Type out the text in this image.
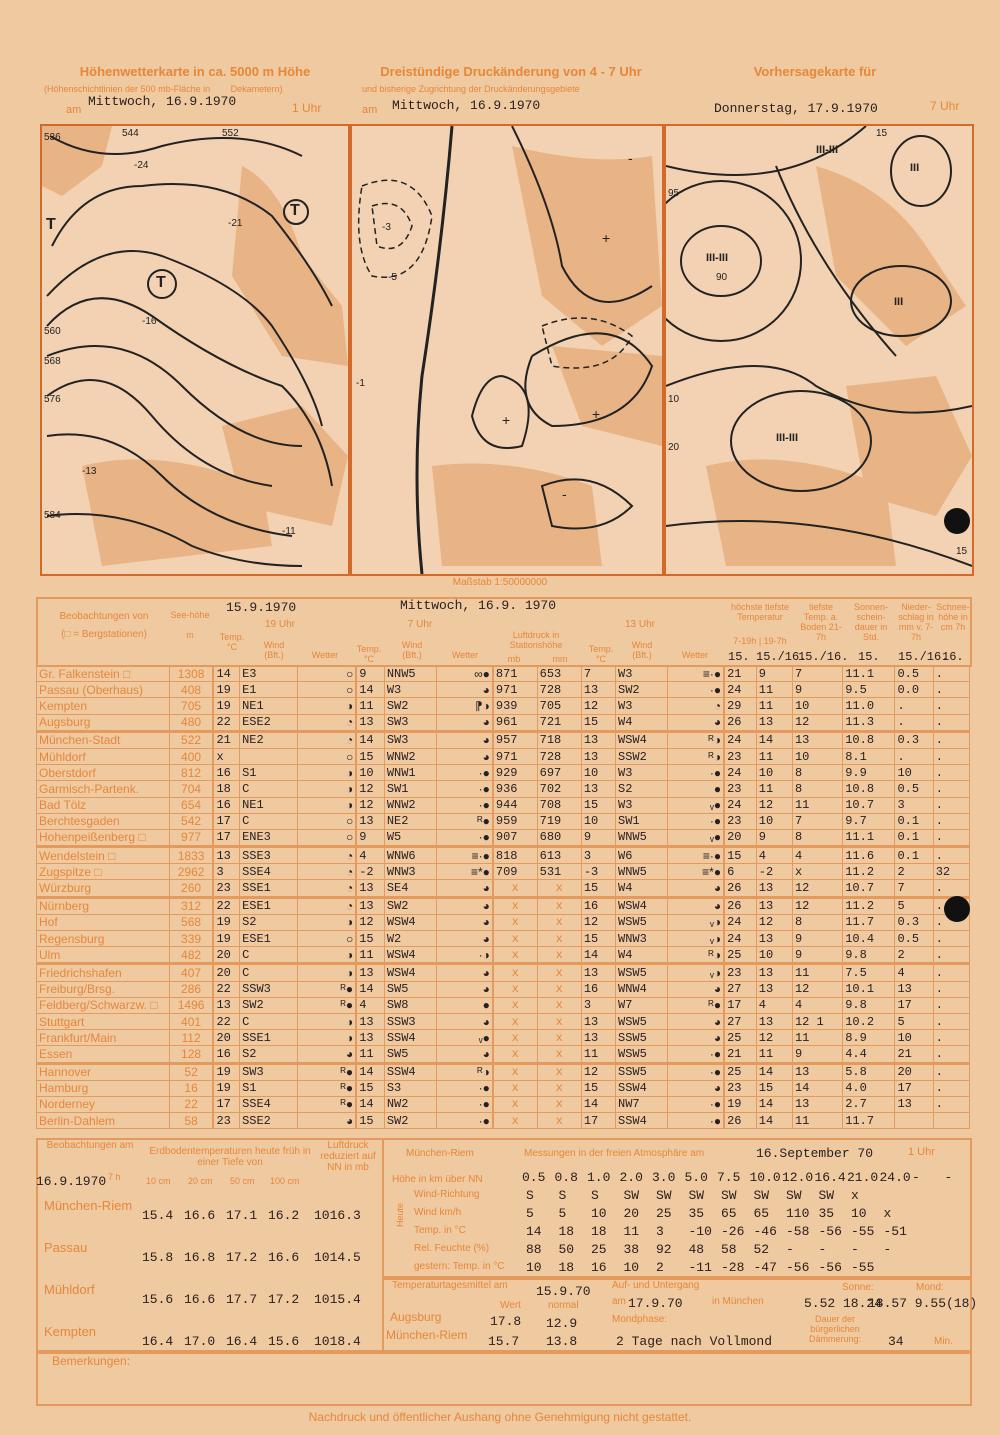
Höhenwetterkarte in ca. 5000 m Höhe
(Höhenschichtlinien der 500 mb-Fläche in Dekametern)
am
Mittwoch, 16.9.1970	1 Uhr
Dreistündige Druckänderung von 4 - 7 Uhr
und bisherige Zugrichtung der Druckänderungsgebiete
am Mittwoch, 16.9.1970
Vorhersagekarte für
Donnerstag, 17.9.1970	7 Uhr
536	544	552
560
568
576
584
-24
-21
-16
-13
-11
T
T
T
-
+
+	+
-
-3
-5
-1
III-III
III-III
III
III-III
III
15
95
90
20
10
15
Maßstab 1:50000000
Beobachtungen von
(□ = Bergstationen)
See-höhe

m
15.9.1970
19 Uhr
Mittwoch, 16.9. 1970
7 Uhr	13 Uhr
Temp. °C	Wind (Bft.)	Wetter
Temp. °C
Wind (Bft.)	Wetter
Luftdruck in Stationshöhe
mb	mm
Temp. °C
Wind (Bft.)	Wetter
höchste tiefste Temperatur
7-19h | 19-7h
tiefste Temp. a. Boden 21-7h
Sonnen-schein-dauer in Std.
Nieder-schlag in mm v. 7-7h
Schnee-höhe in cm 7h
15. 15./16.
15./16. 15. 15./16.
16.
Gr. Falkenstein □	1308	14	E3	○	9	NNW5	∞●	871	653	7	W3	≡·●	21	9	7	11.1	0.5	.
Passau (Oberhaus)	408	19	E1	○	14	W3	◕	971	728	13	SW2	·●	24	11	9	9.5	0.0	.
Kempten	705	19	NE1	◑	11	SW2	⁋◑	939	705	12	W3	◔	29	11	10	11.0	.	.
Augsburg	480	22	ESE2	◔	13	SW3	◕	961	721	15	W4	◕	26	13	12	11.3	.	.
München-Stadt	522	21	NE2	◔	14	SW3	◕	957	718	13	WSW4	ᴿ◑	24	14	13	10.8	0.3	.
Mühldorf	400	x		○	15	WNW2	◕	971	728	13	SSW2	ᴿ◑	23	11	10	8.1	.	.
Oberstdorf	812	16	S1	◑	10	WNW1	·●	929	697	10	W3	·●	24	10	8	9.9	10	.
Garmisch-Partenk.	704	18	C	◑	12	SW1	·●	936	702	13	S2	●	23	11	8	10.8	0.5	.
Bad Tölz	654	16	NE1	◑	12	WNW2	·●	944	708	15	W3	ᵥ●	24	12	11	10.7	3	.
Berchtesgaden	542	17	C	○	13	NE2	ᴿ●	959	719	10	SW1	·●	23	10	7	9.7	0.1	.
Hohenpeißenberg □	977	17	ENE3	○	9	W5	·●	907	680	9	WNW5	ᵥ●	20	9	8	11.1	0.1	.
Wendelstein □	1833	13	SSE3	◔	4	WNW6	≡·●	818	613	3	W6	≡·●	15	4	4	11.6	0.1	.
Zugspitze □	2962	3	SSE4	◔	-2	WNW3	≡*●	709	531	-3	WNW5	≡*●	6	-2	x	11.2	2	32
Würzburg	260	23	SSE1	◔	13	SE4	◕	x	x	15	W4	◕	26	13	12	10.7	7	.
Nürnberg	312	22	ESE1	◔	13	SW2	◕	x	x	16	WSW4	◕	26	13	12	11.2	5	.
Hof	568	19	S2	◑	12	WSW4	◕	x	x	12	WSW5	ᵥ◑	24	12	8	11.7	0.3	.
Regensburg	339	19	ESE1	○	15	W2	◕	x	x	15	WNW3	ᵥ◑	24	13	9	10.4	0.5	.
Ulm	482	20	C	◑	11	WSW4	·◑	x	x	14	W4	ᴿ◑	25	10	9	9.8	2	.
Friedrichshafen	407	20	C	◑	13	WSW4	◕	x	x	13	WSW5	ᵥ◑	23	13	11	7.5	4	.
Freiburg/Brsg.	286	22	SSW3	ᴿ●	14	SW5	◕	x	x	16	WNW4	◕	27	13	12	10.1	13	.
Feldberg/Schwarzw. □	1496	13	SW2	ᴿ●	4	SW8	●	x	x	3	W7	ᴿ●	17	4	4	9.8	17	.
Stuttgart	401	22	C	◑	13	SSW3	◕	x	x	13	WSW5	◕	27	13	12 1	10.2	5	.
Frankfurt/Main	112	20	SSE1	◑	13	SSW4	ᵥ●	x	x	13	SSW5	◕	25	12	11	8.9	10	.
Essen	128	16	S2	◕	11	SW5	◕	x	x	11	WSW5	·●	21	11	9	4.4	21	.
Hannover	52	19	SW3	ᴿ●	14	SSW4	ᴿ◑	x	x	12	SSW5	·●	25	14	13	5.8	20	.
Hamburg	16	19	S1	ᴿ●	15	S3	·●	x	x	15	SSW4	◕	23	15	14	4.0	17	.
Norderney	22	17	SSE4	ᴿ●	14	NW2	·●	x	x	14	NW7	·●	19	14	13	2.7	13	.
Berlin-Dahlem	58	23	SSE2	◕	15	SW2	·●	x	x	17	SSW4	·●	26	14	11	11.7		
Beobachtungen am
16.9.1970 7 h
Erdbodentemperaturen heute früh in einer Tiefe von
10 cm 20 cm 50 cm 100 cm
Luftdruck reduziert auf NN in mb
München-Riem
15.4 16.6 17.1 16.2 1016.3
Passau
15.8 16.8 17.2 16.6 1014.5
Mühldorf
15.6 16.6 17.7 17.2 1015.4
Kempten
16.4 17.0 16.4 15.6 1018.4
München-Riem	Messungen in der freien Atmosphäre am	16.September 70	1 Uhr
Höhe in km über NN
Heute
0.5 0.8 1.0 2.0 3.0 5.0 7.5 10.0 12.0 16.4 21.0 24.0 - -
Wind-Richtung	S S S SW SW SW SW SW SW SW x
Wind km/h	5 5 10 20 25 35 65 65 110 35 10 x
Temp. in °C	14 18 18 11 3 -10 -26 -46 -58 -56 -55 -51
Rel. Feuchte (%)	88 50 25 38 92 48 58 52 - - - -
gestern: Temp. in °C 10 18 16 10 2 -11 -28 -47 -56 -56 -55
Temperaturtagesmittel am 15.9.70
Wert	normal
Augsburg	17.8 12.9
München-Riem 15.7 13.8
Auf- und Untergang
am 17.9.70	in München
Sonne:
5.52 18.24
Mond:
18.57 9.55(18)
Mondphase:
2 Tage nach Vollmond
Dauer der bürgerlichen Dämmerung:	34	Min.
Bemerkungen:
Nachdruck und öffentlicher Aushang ohne Genehmigung nicht gestattet.
